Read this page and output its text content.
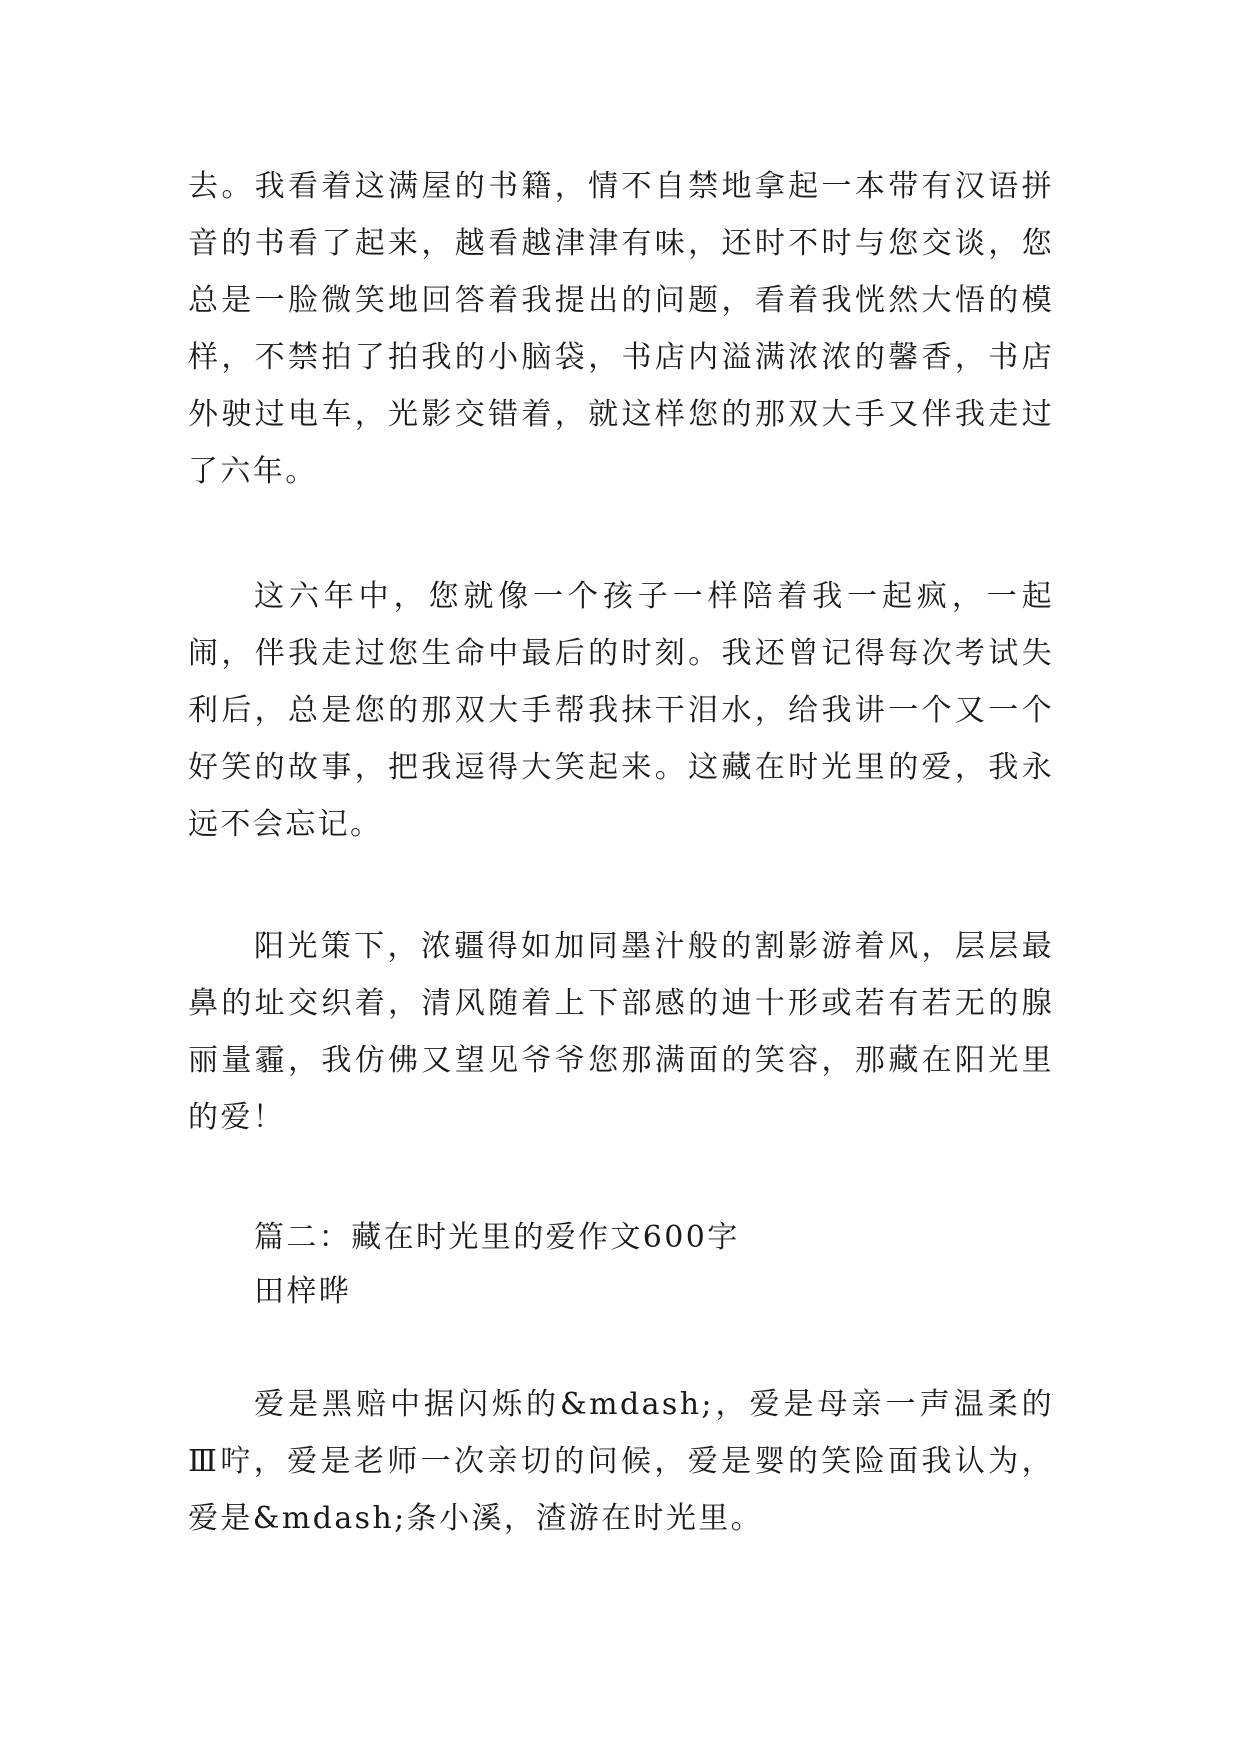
去。我看着这满屋的书籍，情不自禁地拿起一本带有汉语拼音的书看了起来，越看越津津有味，还时不时与您交谈，您总是一脸微笑地回答着我提出的问题，看着我恍然大悟的模样，不禁拍了拍我的小脑袋，书店内溢满浓浓的馨香，书店外驶过电车，光影交错着，就这样您的那双大手又伴我走过了六年。

这六年中，您就像一个孩子一样陪着我一起疯，一起闹，伴我走过您生命中最后的时刻。我还曾记得每次考试失利后，总是您的那双大手帮我抹干泪水，给我讲一个又一个好笑的故事，把我逗得大笑起来。这藏在时光里的爱，我永远不会忘记。

阳光策下，浓疆得如加同墨汁般的割影游着风，层层最鼻的址交织着，清风随着上下部感的迪十形或若有若无的腺丽量霾，我仿佛又望见爷爷您那满面的笑容，那藏在阳光里的爱！

篇二：藏在时光里的爱作文600字

田梓晔

爱是黑赔中据闪烁的&mdash;，爱是母亲一声温柔的Ⅲ咛，爱是老师一次亲切的问候，爱是婴的笑险面我认为，爱是&mdash;条小溪，渣游在时光里。
